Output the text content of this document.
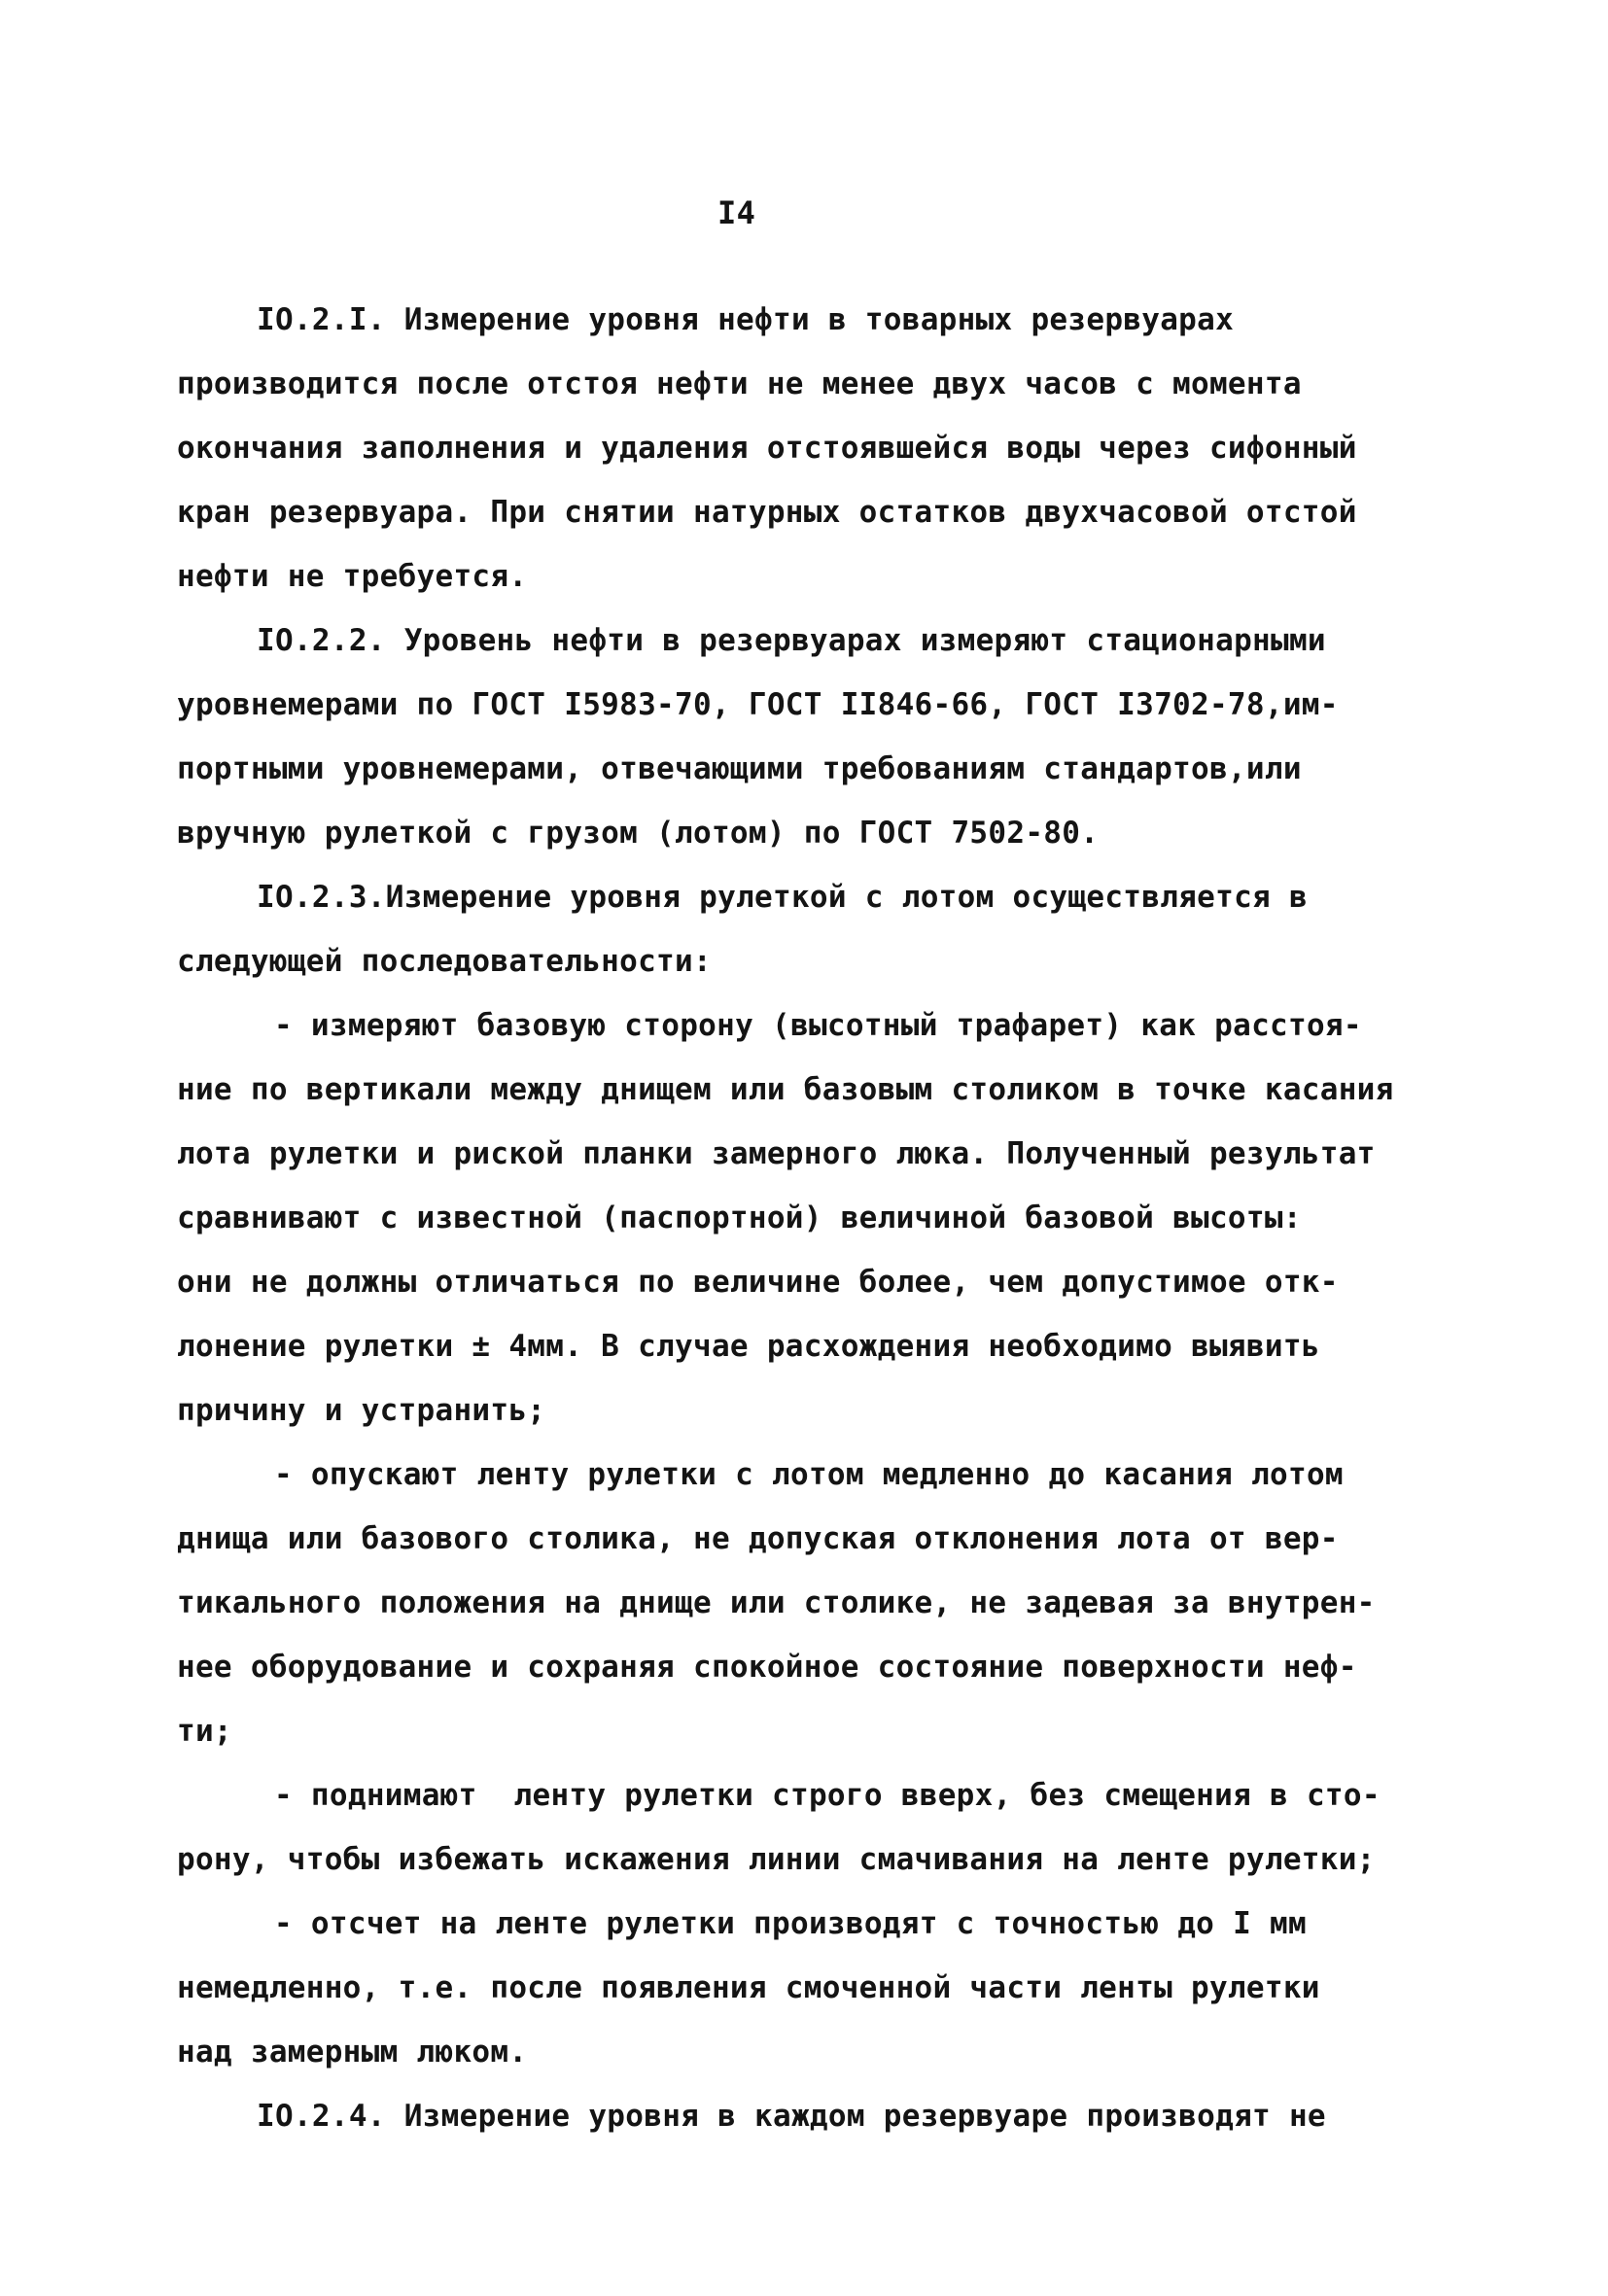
I4
IO.2.I. Измерение уровня нефти в товарных резервуарах
производится после отстоя нефти не менее двух часов с момента
окончания заполнения и удаления отстоявшейся воды через сифонный
кран резервуара. При снятии натурных остатков двухчасовой отстой
нефти не требуется.
IO.2.2. Уровень нефти в резервуарах измеряют стационарными
уровнемерами по ГОСТ I5983-70, ГОСТ II846-66, ГОСТ I3702-78,им-
портными уровнемерами, отвечающими требованиям стандартов,или
вручную рулеткой с грузом (лотом) по ГОСТ 7502-80.
IO.2.3.Измерение уровня рулеткой с лотом осуществляется в
следующей последовательности:
- измеряют базовую сторону (высотный трафарет) как расстоя-
ние по вертикали между днищем или базовым столиком в точке касания
лота рулетки и риской планки замерного люка. Полученный результат
сравнивают с известной (паспортной) величиной базовой высоты:
они не должны отличаться по величине более, чем допустимое отк-
лонение рулетки ± 4мм. В случае расхождения необходимо выявить
причину и устранить;
- опускают ленту рулетки с лотом медленно до касания лотом
днища или базового столика, не допуская отклонения лота от вер-
тикального положения на днище или столике, не задевая за внутрен-
нее оборудование и сохраняя спокойное состояние поверхности неф-
ти;
- поднимают  ленту рулетки строго вверх, без смещения в сто-
рону, чтобы избежать искажения линии смачивания на ленте рулетки;
- отсчет на ленте рулетки производят с точностью до I мм
немедленно, т.е. после появления смоченной части ленты рулетки
над замерным люком.
IO.2.4. Измерение уровня в каждом резервуаре производят не
